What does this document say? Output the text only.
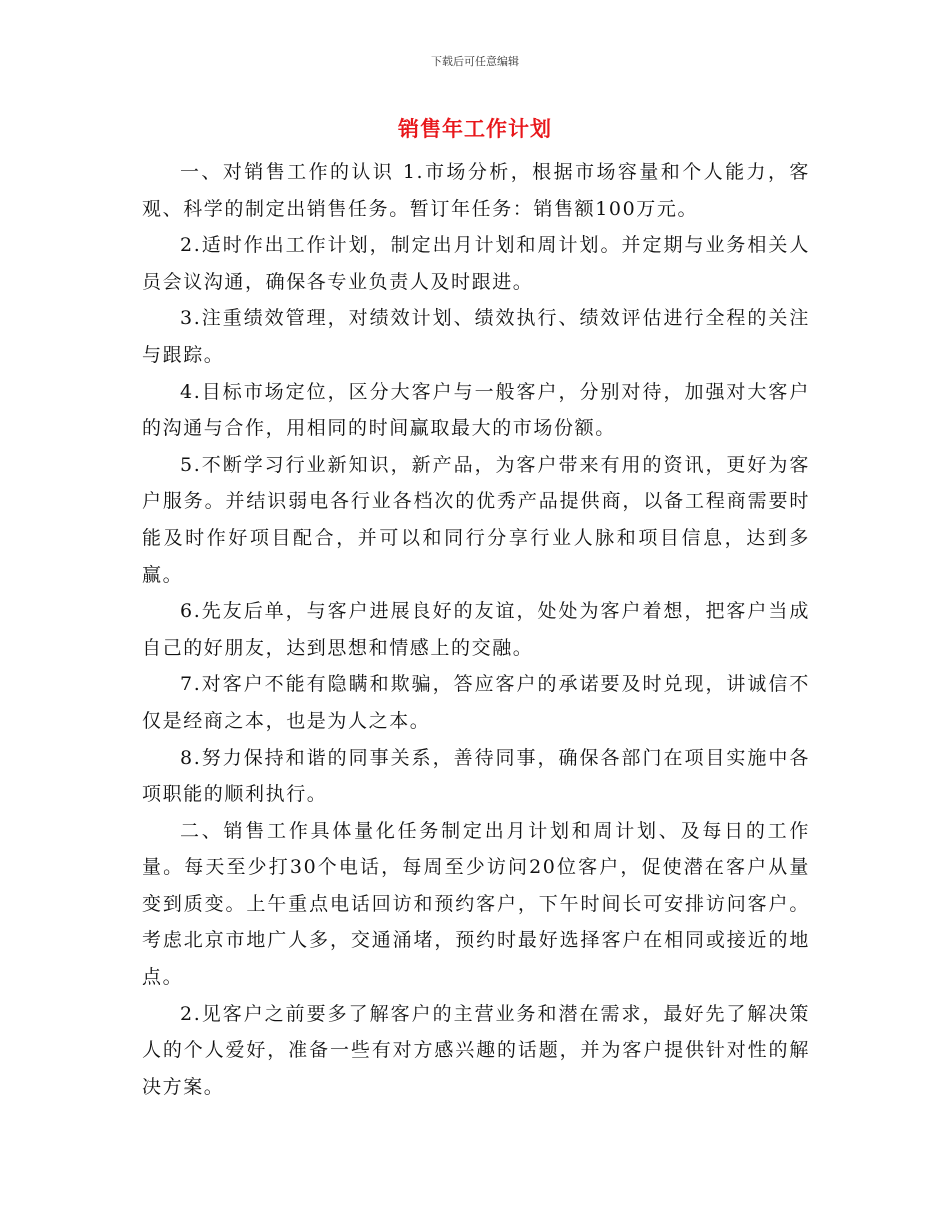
下载后可任意编辑
销售年工作计划

一、对销售工作的认识 1.市场分析，根据市场容量和个人能力，客观、科学的制定出销售任务。暂订年任务：销售额100万元。

2.适时作出工作计划，制定出月计划和周计划。并定期与业务相关人员会议沟通，确保各专业负责人及时跟进。

3.注重绩效管理，对绩效计划、绩效执行、绩效评估进行全程的关注与跟踪。

4.目标市场定位，区分大客户与一般客户，分别对待，加强对大客户的沟通与合作，用相同的时间赢取最大的市场份额。

5.不断学习行业新知识，新产品，为客户带来有用的资讯，更好为客户服务。并结识弱电各行业各档次的优秀产品提供商，以备工程商需要时能及时作好项目配合，并可以和同行分享行业人脉和项目信息，达到多赢。

6.先友后单，与客户进展良好的友谊，处处为客户着想，把客户当成自己的好朋友，达到思想和情感上的交融。

7.对客户不能有隐瞒和欺骗，答应客户的承诺要及时兑现，讲诚信不仅是经商之本，也是为人之本。

8.努力保持和谐的同事关系，善待同事，确保各部门在项目实施中各项职能的顺利执行。

二、销售工作具体量化任务制定出月计划和周计划、及每日的工作量。每天至少打30个电话，每周至少访问20位客户，促使潜在客户从量变到质变。上午重点电话回访和预约客户，下午时间长可安排访问客户。考虑北京市地广人多，交通涌堵，预约时最好选择客户在相同或接近的地点。

2.见客户之前要多了解客户的主营业务和潜在需求，最好先了解决策人的个人爱好，准备一些有对方感兴趣的话题，并为客户提供针对性的解决方案。
